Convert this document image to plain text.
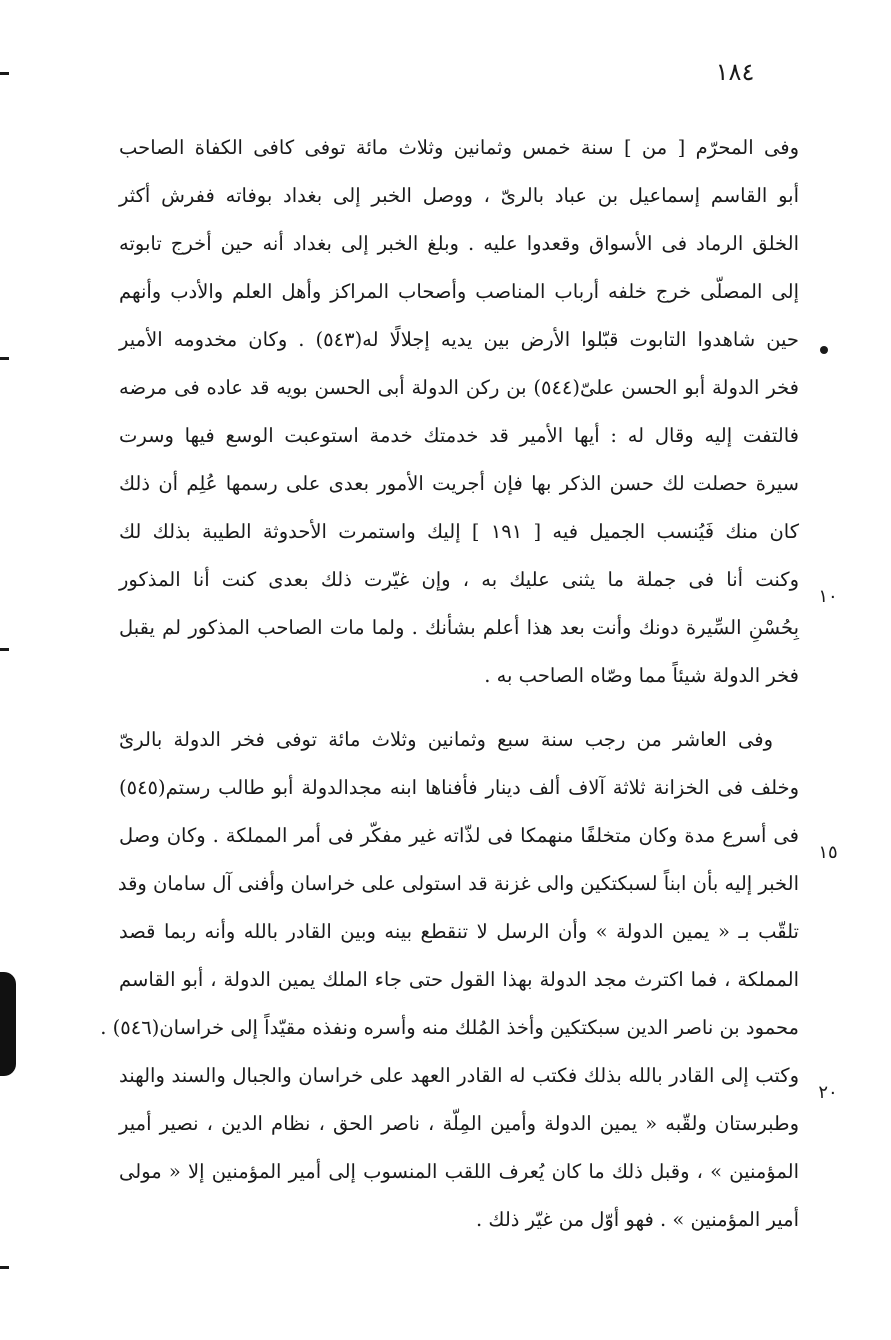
١٨٤
وفى المحرّم [ من ] سنة خمس وثمانين وثلاث مائة توفى كافى الكفاة الصاحب
أبو القاسم إسماعيل بن عباد بالرىّ ، ووصل الخبر إلى بغداد بوفاته ففرش أكثر
الخلق الرماد فى الأسواق وقعدوا عليه . وبلغ الخبر إلى بغداد أنه حين أخرج تابوته
إلى المصلّى خرج خلفه أرباب المناصب وأصحاب المراكز وأهل العلم والأدب وأنهم
حين شاهدوا التابوت قبّلوا الأرض بين يديه إجلالًا له(٥٤٣) . وكان مخدومه الأمير
فخر الدولة أبو الحسن علىّ(٥٤٤) بن ركن الدولة أبى الحسن بويه قد عاده فى مرضه
فالتفت إليه وقال له : أيها الأمير قد خدمتك خدمة استوعبت الوسع فيها وسرت
سيرة حصلت لك حسن الذكر بها فإن أجريت الأمور بعدى على رسمها عُلِم أن ذلك
كان منك فَيُنسب الجميل فيه [ ١٩١ ] إليك واستمرت الأحدوثة الطيبة بذلك لك
وكنت أنا فى جملة ما يثنى عليك به ، وإن غيّرت ذلك بعدى كنت أنا المذكور
بِحُسْنِ السِّيرة دونك وأنت بعد هذا أعلم بشأنك . ولما مات الصاحب المذكور لم يقبل
فخر الدولة شيئاً مما وصّاه الصاحب به .
وفى العاشر من رجب سنة سبع وثمانين وثلاث مائة توفى فخر الدولة بالرىّ
وخلف فى الخزانة ثلاثة آلاف ألف دينار فأفناها ابنه مجدالدولة أبو طالب رستم(٥٤٥)
فى أسرع مدة وكان متخلفًا منهمكا فى لذّاته غير مفكّر فى أمر المملكة . وكان وصل
الخبر إليه بأن ابناً لسبكتكين والى غزنة قد استولى على خراسان وأفنى آل سامان وقد
تلقّب بـ « يمين الدولة » وأن الرسل لا تنقطع بينه وبين القادر بالله وأنه ربما قصد
المملكة ، فما اكترث مجد الدولة بهذا القول حتى جاء الملك يمين الدولة ، أبو القاسم
محمود بن ناصر الدين سبكتكين وأخذ المُلك منه وأسره ونفذه مقيّداً إلى خراسان(٥٤٦) .
وكتب إلى القادر بالله بذلك فكتب له القادر العهد على خراسان والجبال والسند والهند
وطبرستان ولقّبه « يمين الدولة وأمين المِلّة ، ناصر الحق ، نظام الدين ، نصير أمير
المؤمنين » ، وقبل ذلك ما كان يُعرف اللقب المنسوب إلى أمير المؤمنين إلا « مولى
أمير المؤمنين » . فهو أوّل من غيّر ذلك .
١٠
١٥
٢٠
